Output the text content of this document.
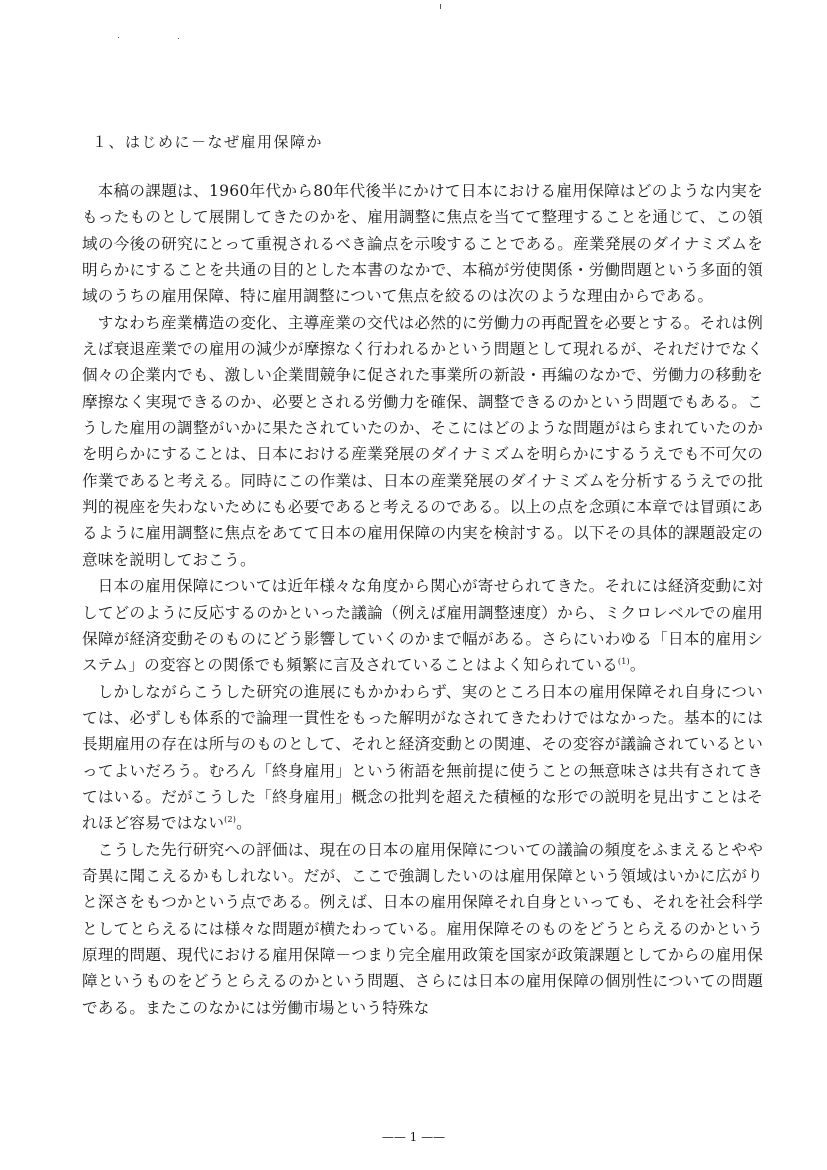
１、はじめに－なぜ雇用保障か

本稿の課題は、1960年代から80年代後半にかけて日本における雇用保障はどのような内実をもったものとして展開してきたのかを、雇用調整に焦点を当てて整理することを通じて、この領域の今後の研究にとって重視されるべき論点を示唆することである。産業発展のダイナミズムを明らかにすることを共通の目的とした本書のなかで、本稿が労使関係・労働問題という多面的領域のうちの雇用保障、特に雇用調整について焦点を絞るのは次のような理由からである。

すなわち産業構造の変化、主導産業の交代は必然的に労働力の再配置を必要とする。それは例えば衰退産業での雇用の減少が摩擦なく行われるかという問題として現れるが、それだけでなく個々の企業内でも、激しい企業間競争に促された事業所の新設・再編のなかで、労働力の移動を摩擦なく実現できるのか、必要とされる労働力を確保、調整できるのかという問題でもある。こうした雇用の調整がいかに果たされていたのか、そこにはどのような問題がはらまれていたのかを明らかにすることは、日本における産業発展のダイナミズムを明らかにするうえでも不可欠の作業であると考える。同時にこの作業は、日本の産業発展のダイナミズムを分析するうえでの批判的視座を失わないためにも必要であると考えるのである。以上の点を念頭に本章では冒頭にあるように雇用調整に焦点をあてて日本の雇用保障の内実を検討する。以下その具体的課題設定の意味を説明しておこう。

日本の雇用保障については近年様々な角度から関心が寄せられてきた。それには経済変動に対してどのように反応するのかといった議論（例えば雇用調整速度）から、ミクロレベルでの雇用保障が経済変動そのものにどう影響していくのかまで幅がある。さらにいわゆる「日本的雇用システム」の変容との関係でも頻繁に言及されていることはよく知られている$^{(1)}$。

しかしながらこうした研究の進展にもかかわらず、実のところ日本の雇用保障それ自身については、必ずしも体系的で論理一貫性をもった解明がなされてきたわけではなかった。基本的には長期雇用の存在は所与のものとして、それと経済変動との関連、その変容が議論されているといってよいだろう。むろん「終身雇用」という術語を無前提に使うことの無意味さは共有されてきてはいる。だがこうした「終身雇用」概念の批判を超えた積極的な形での説明を見出すことはそれほど容易ではない$^{(2)}$。

こうした先行研究への評価は、現在の日本の雇用保障についての議論の頻度をふまえるとやや奇異に聞こえるかもしれない。だが、ここで強調したいのは雇用保障という領域はいかに広がりと深さをもつかという点である。例えば、日本の雇用保障それ自身といっても、それを社会科学としてとらえるには様々な問題が横たわっている。雇用保障そのものをどうとらえるのかという原理的問題、現代における雇用保障－つまり完全雇用政策を国家が政策課題としてからの雇用保障というものをどうとらえるのかという問題、さらには日本の雇用保障の個別性についての問題である。またこのなかには労働市場という特殊な

—— 1 ——
